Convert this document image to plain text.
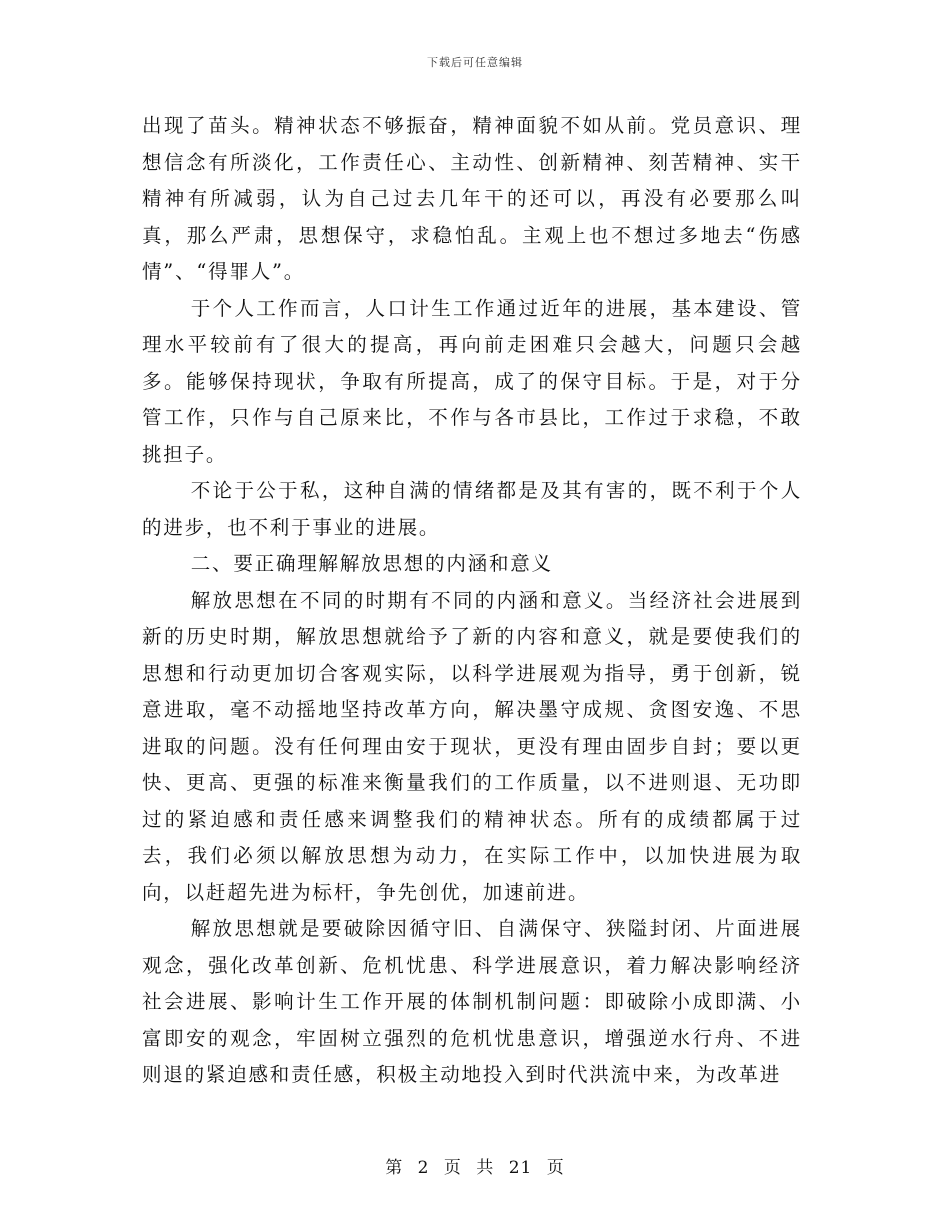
下载后可任意编辑

出现了苗头。精神状态不够振奋，精神面貌不如从前。党员意识、理想信念有所淡化，工作责任心、主动性、创新精神、刻苦精神、实干精神有所减弱，认为自己过去几年干的还可以，再没有必要那么叫真，那么严肃，思想保守，求稳怕乱。主观上也不想过多地去“伤感情”、“得罪人”。

于个人工作而言，人口计生工作通过近年的进展，基本建设、管理水平较前有了很大的提高，再向前走困难只会越大，问题只会越多。能够保持现状，争取有所提高，成了的保守目标。于是，对于分管工作，只作与自己原来比，不作与各市县比，工作过于求稳，不敢挑担子。

不论于公于私，这种自满的情绪都是及其有害的，既不利于个人的进步，也不利于事业的进展。

二、要正确理解解放思想的内涵和意义

解放思想在不同的时期有不同的内涵和意义。当经济社会进展到新的历史时期，解放思想就给予了新的内容和意义，就是要使我们的思想和行动更加切合客观实际，以科学进展观为指导，勇于创新，锐意进取，毫不动摇地坚持改革方向，解决墨守成规、贪图安逸、不思进取的问题。没有任何理由安于现状，更没有理由固步自封；要以更快、更高、更强的标准来衡量我们的工作质量，以不进则退、无功即过的紧迫感和责任感来调整我们的精神状态。所有的成绩都属于过去，我们必须以解放思想为动力，在实际工作中，以加快进展为取向，以赶超先进为标杆，争先创优，加速前进。

解放思想就是要破除因循守旧、自满保守、狭隘封闭、片面进展观念，强化改革创新、危机忧患、科学进展意识，着力解决影响经济社会进展、影响计生工作开展的体制机制问题：即破除小成即满、小富即安的观念，牢固树立强烈的危机忧患意识，增强逆水行舟、不进则退的紧迫感和责任感，积极主动地投入到时代洪流中来，为改革进

第 2 页 共 21 页
